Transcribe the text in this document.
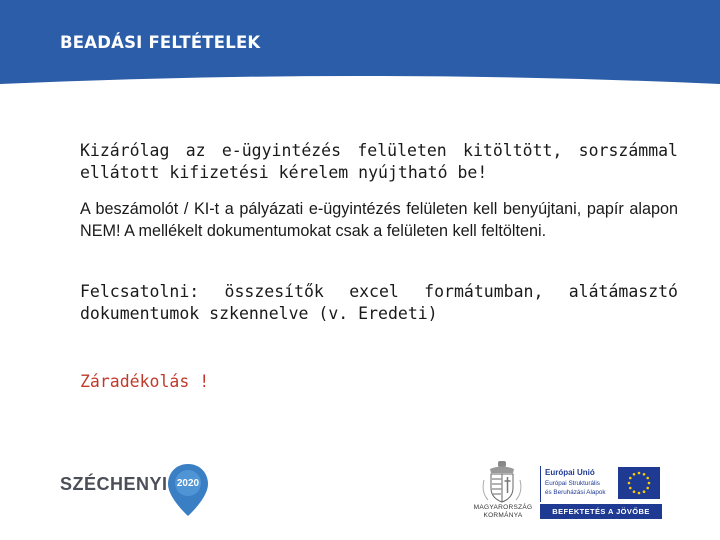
BEADÁSI FELTÉTELEK

Kizárólag az e-ügyintézés felületen kitöltött, sorszámmal ellátott kifizetési kérelem nyújtható be!

A beszámolót / KI-t a pályázati e-ügyintézés felületen kell benyújtani, papír alapon NEM! A mellékelt dokumentumokat csak a felületen kell feltölteni.

Felcsatolni: összesítők excel formátumban, alátámasztó dokumentumok szkennelve (v. Eredeti)

Záradékolás !

SZÉCHENYI 2020
MAGYARORSZÁG
KORMÁNYA
Európai Unió
Európai Strukturális
és Beruházási Alapok
BEFEKTETÉS A JÖVŐBE
